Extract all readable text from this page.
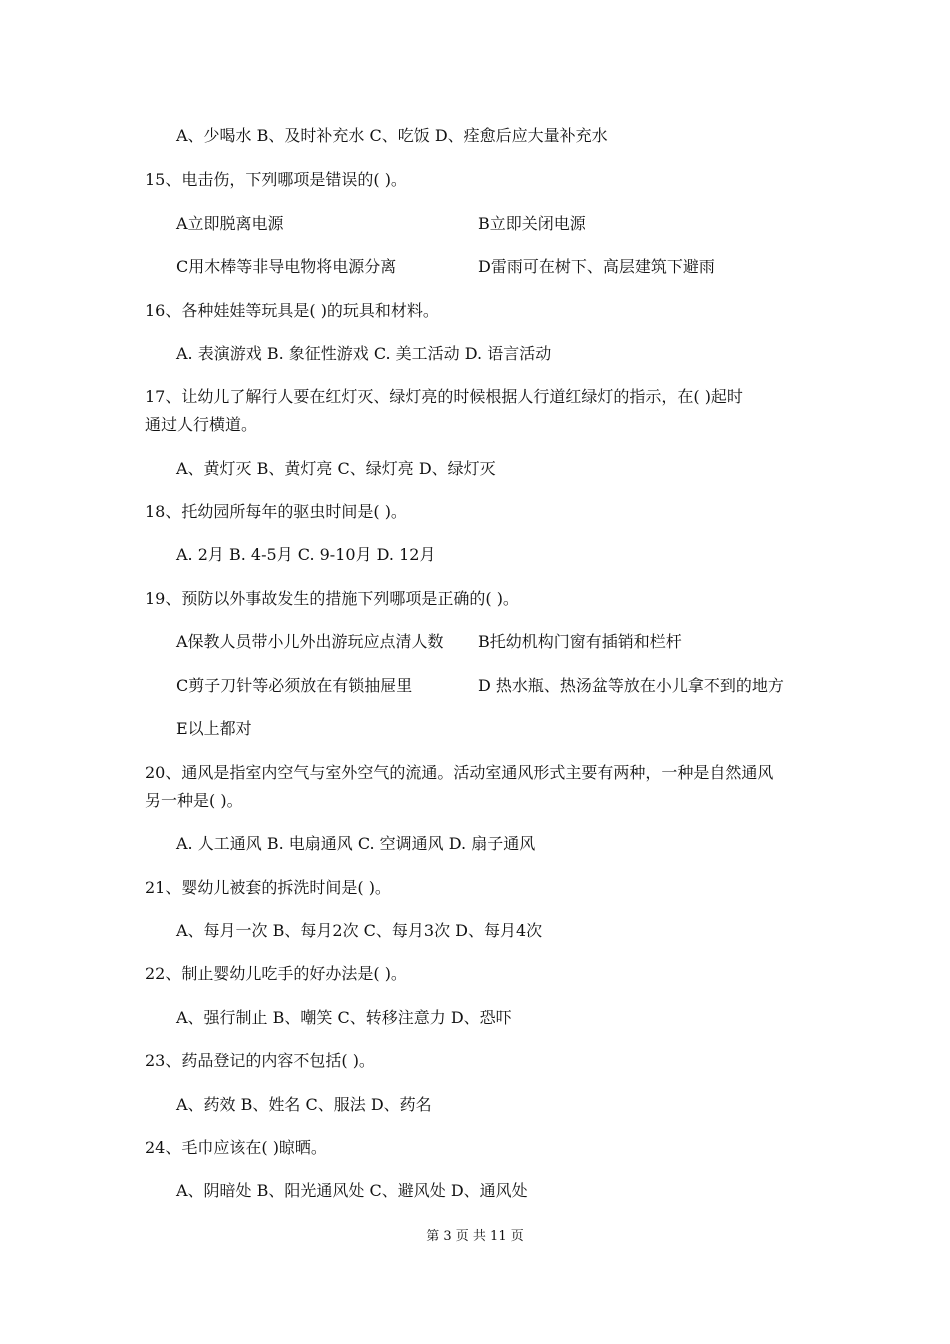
A、少喝水 B、及时补充水 C、吃饭 D、痊愈后应大量补充水
15、电击伤，下列哪项是错误的( )。
A立即脱离电源	B立即关闭电源
C用木棒等非导电物将电源分离	D雷雨可在树下、高层建筑下避雨
16、各种娃娃等玩具是( )的玩具和材料。
A. 表演游戏 B. 象征性游戏 C. 美工活动 D. 语言活动
17、让幼儿了解行人要在红灯灭、绿灯亮的时候根据人行道红绿灯的指示，在( )起时
通过人行横道。
A、黄灯灭 B、黄灯亮 C、绿灯亮 D、绿灯灭
18、托幼园所每年的驱虫时间是( )。
A. 2月 B. 4-5月 C. 9-10月 D. 12月
19、预防以外事故发生的措施下列哪项是正确的( )。
A保教人员带小儿外出游玩应点清人数 B托幼机构门窗有插销和栏杆
C剪子刀针等必须放在有锁抽屉里	D 热水瓶、热汤盆等放在小儿拿不到的地方
E以上都对
20、通风是指室内空气与室外空气的流通。活动室通风形式主要有两种，一种是自然通风
另一种是( )。
A. 人工通风 B. 电扇通风 C. 空调通风 D. 扇子通风
21、婴幼儿被套的拆洗时间是( )。
A、每月一次 B、每月2次 C、每月3次 D、每月4次
22、制止婴幼儿吃手的好办法是( )。
A、强行制止 B、嘲笑 C、转移注意力 D、恐吓
23、药品登记的内容不包括( )。
A、药效 B、姓名 C、服法 D、药名
24、毛巾应该在( )晾晒。
A、阴暗处 B、阳光通风处 C、避风处 D、通风处
第 3 页 共 11 页
